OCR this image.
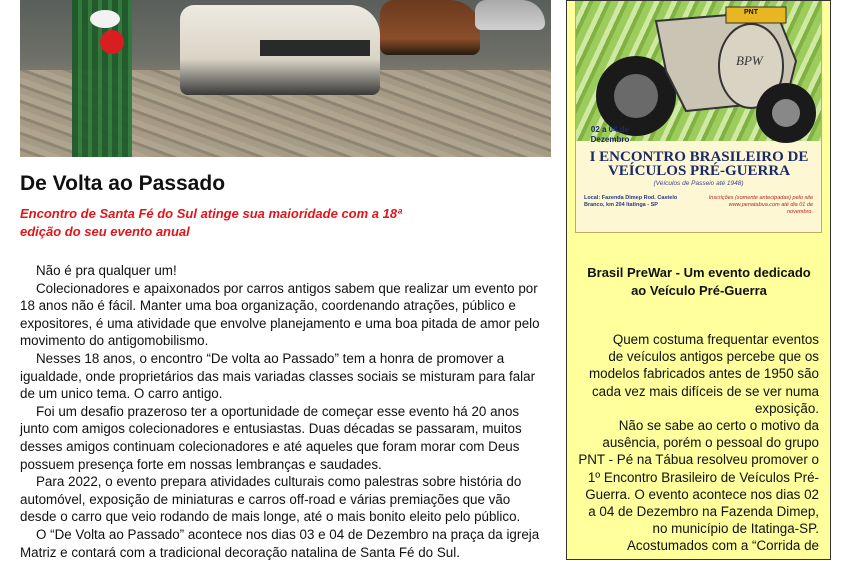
De Volta ao Passado

Encontro de Santa Fé do Sul atinge sua maioridade com a 18ª edição do seu evento anual

Não é pra qualquer um!

Colecionadores e apaixonados por carros antigos sabem que realizar um evento por 18 anos não é fácil. Manter uma boa organização, coordenando atrações, público e expositores, é uma atividade que envolve planejamento e uma boa pitada de amor pelo movimento do antigomobilismo.

Nesses 18 anos, o encontro “De volta ao Passado” tem a honra de promover a igualdade, onde proprietários das mais variadas classes sociais se misturam para falar de um unico tema. O carro antigo.

Foi um desafio prazeroso ter a oportunidade de começar esse evento há 20 anos junto com amigos colecionadores e entusiastas. Duas décadas se passaram, muitos desses amigos continuam colecionadores e até aqueles que foram morar com Deus possuem presença forte em nossas lembranças e saudades.

Para 2022, o evento prepara atividades culturais como palestras sobre história do automóvel, exposição de miniaturas e carros off-road e várias premiações que vão desde o carro que veio rodando de mais longe, até o mais bonito eleito pelo público.

O “De Volta ao Passado” acontece nos dias 03 e 04 de Dezembro na praça da igreja Matriz e contará com a tradicional decoração natalina de Santa Fé do Sul.

PNT
BPW
02 a 04 de Dezembro
I ENCONTRO BRASILEIRO DE VEÍCULOS PRÉ-GUERRA
(Veículos de Passeio até 1948)
Local: Fazenda Dimep Rod. Castelo Branco, km 204 Itatinga - SP
Inscrições (somente antecipadas) pelo site www.penatabua.com até dia 01 de novembro.
Brasil PreWar - Um evento dedicado ao Veículo Pré-Guerra

Quem costuma frequentar eventos de veículos antigos percebe que os modelos fabricados antes de 1950 são cada vez mais difíceis de se ver numa exposição.

Não se sabe ao certo o motivo da ausência, porém o pessoal do grupo PNT - Pé na Tábua resolveu promover o 1º Encontro Brasileiro de Veículos Pré-Guerra. O evento acontece nos dias 02 a 04 de Dezembro na Fazenda Dimep, no município de Itatinga-SP.

Acostumados com a “Corrida de
